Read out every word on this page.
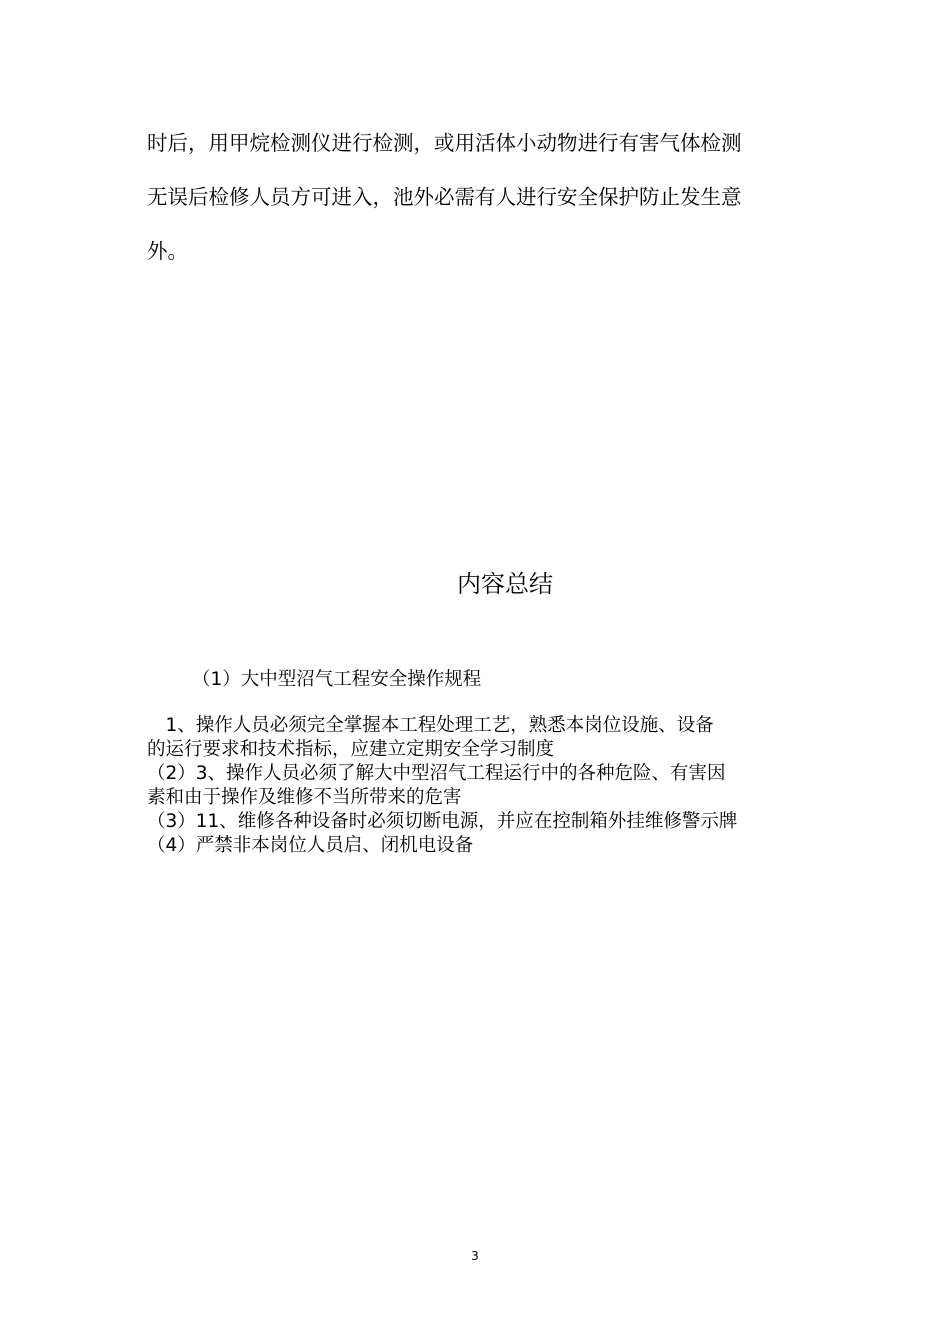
时后，用甲烷检测仪进行检测，或用活体小动物进行有害气体检测
无误后检修人员方可进入，池外必需有人进行安全保护防止发生意
外。
内容总结

（1）大中型沼气工程安全操作规程

　1、操作人员必须完全掌握本工程处理工艺，熟悉本岗位设施、设备
的运行要求和技术指标，应建立定期安全学习制度
（2）3、操作人员必须了解大中型沼气工程运行中的各种危险、有害因
素和由于操作及维修不当所带来的危害
（3）11、维修各种设备时必须切断电源，并应在控制箱外挂维修警示牌
（4）严禁非本岗位人员启、闭机电设备
3
